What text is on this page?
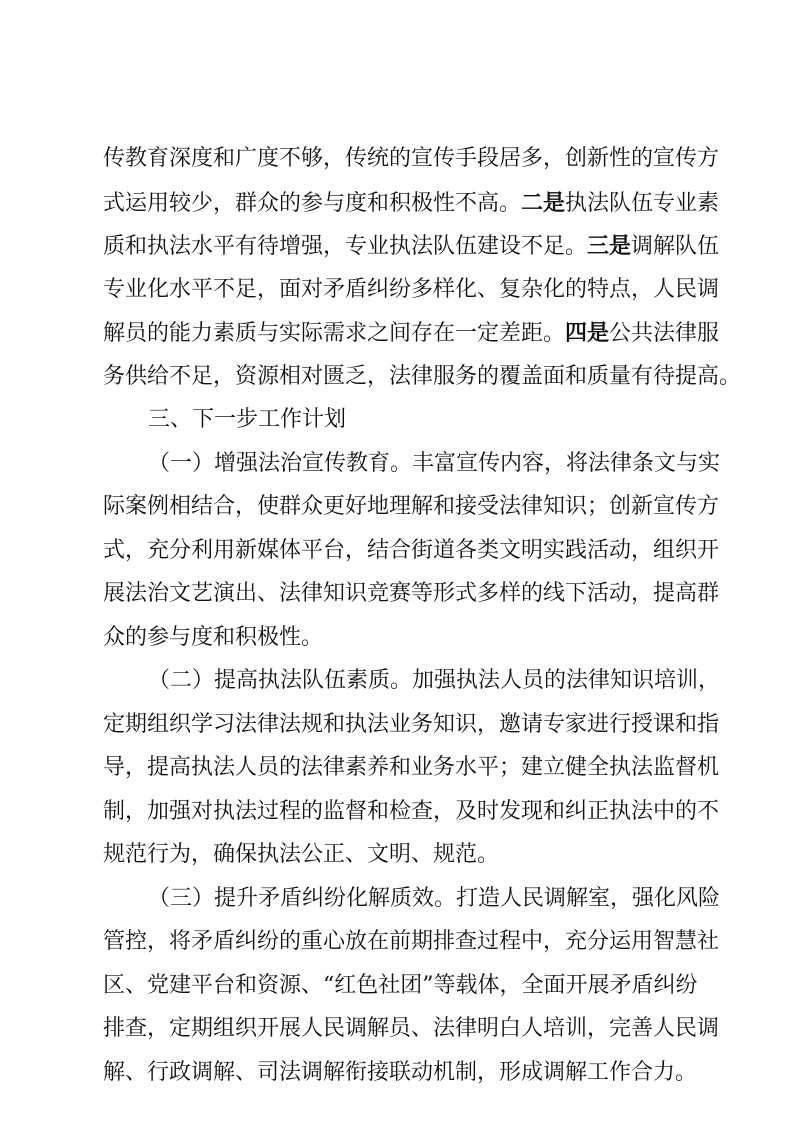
传教育深度和广度不够，传统的宣传手段居多，创新性的宣传方
式运用较少，群众的参与度和积极性不高。二是执法队伍专业素
质和执法水平有待增强，专业执法队伍建设不足。三是调解队伍
专业化水平不足，面对矛盾纠纷多样化、复杂化的特点，人民调
解员的能力素质与实际需求之间存在一定差距。四是公共法律服
务供给不足，资源相对匮乏，法律服务的覆盖面和质量有待提高。
三、下一步工作计划
（一）增强法治宣传教育。丰富宣传内容，将法律条文与实
际案例相结合，使群众更好地理解和接受法律知识；创新宣传方
式，充分利用新媒体平台，结合街道各类文明实践活动，组织开
展法治文艺演出、法律知识竞赛等形式多样的线下活动，提高群
众的参与度和积极性。
（二）提高执法队伍素质。加强执法人员的法律知识培训，
定期组织学习法律法规和执法业务知识，邀请专家进行授课和指
导，提高执法人员的法律素养和业务水平；建立健全执法监督机
制，加强对执法过程的监督和检查，及时发现和纠正执法中的不
规范行为，确保执法公正、文明、规范。
（三）提升矛盾纠纷化解质效。打造人民调解室，强化风险
管控，将矛盾纠纷的重心放在前期排查过程中，充分运用智慧社
区、党建平台和资源、“红色社团”等载体，全面开展矛盾纠纷
排查，定期组织开展人民调解员、法律明白人培训，完善人民调
解、行政调解、司法调解衔接联动机制，形成调解工作合力。
